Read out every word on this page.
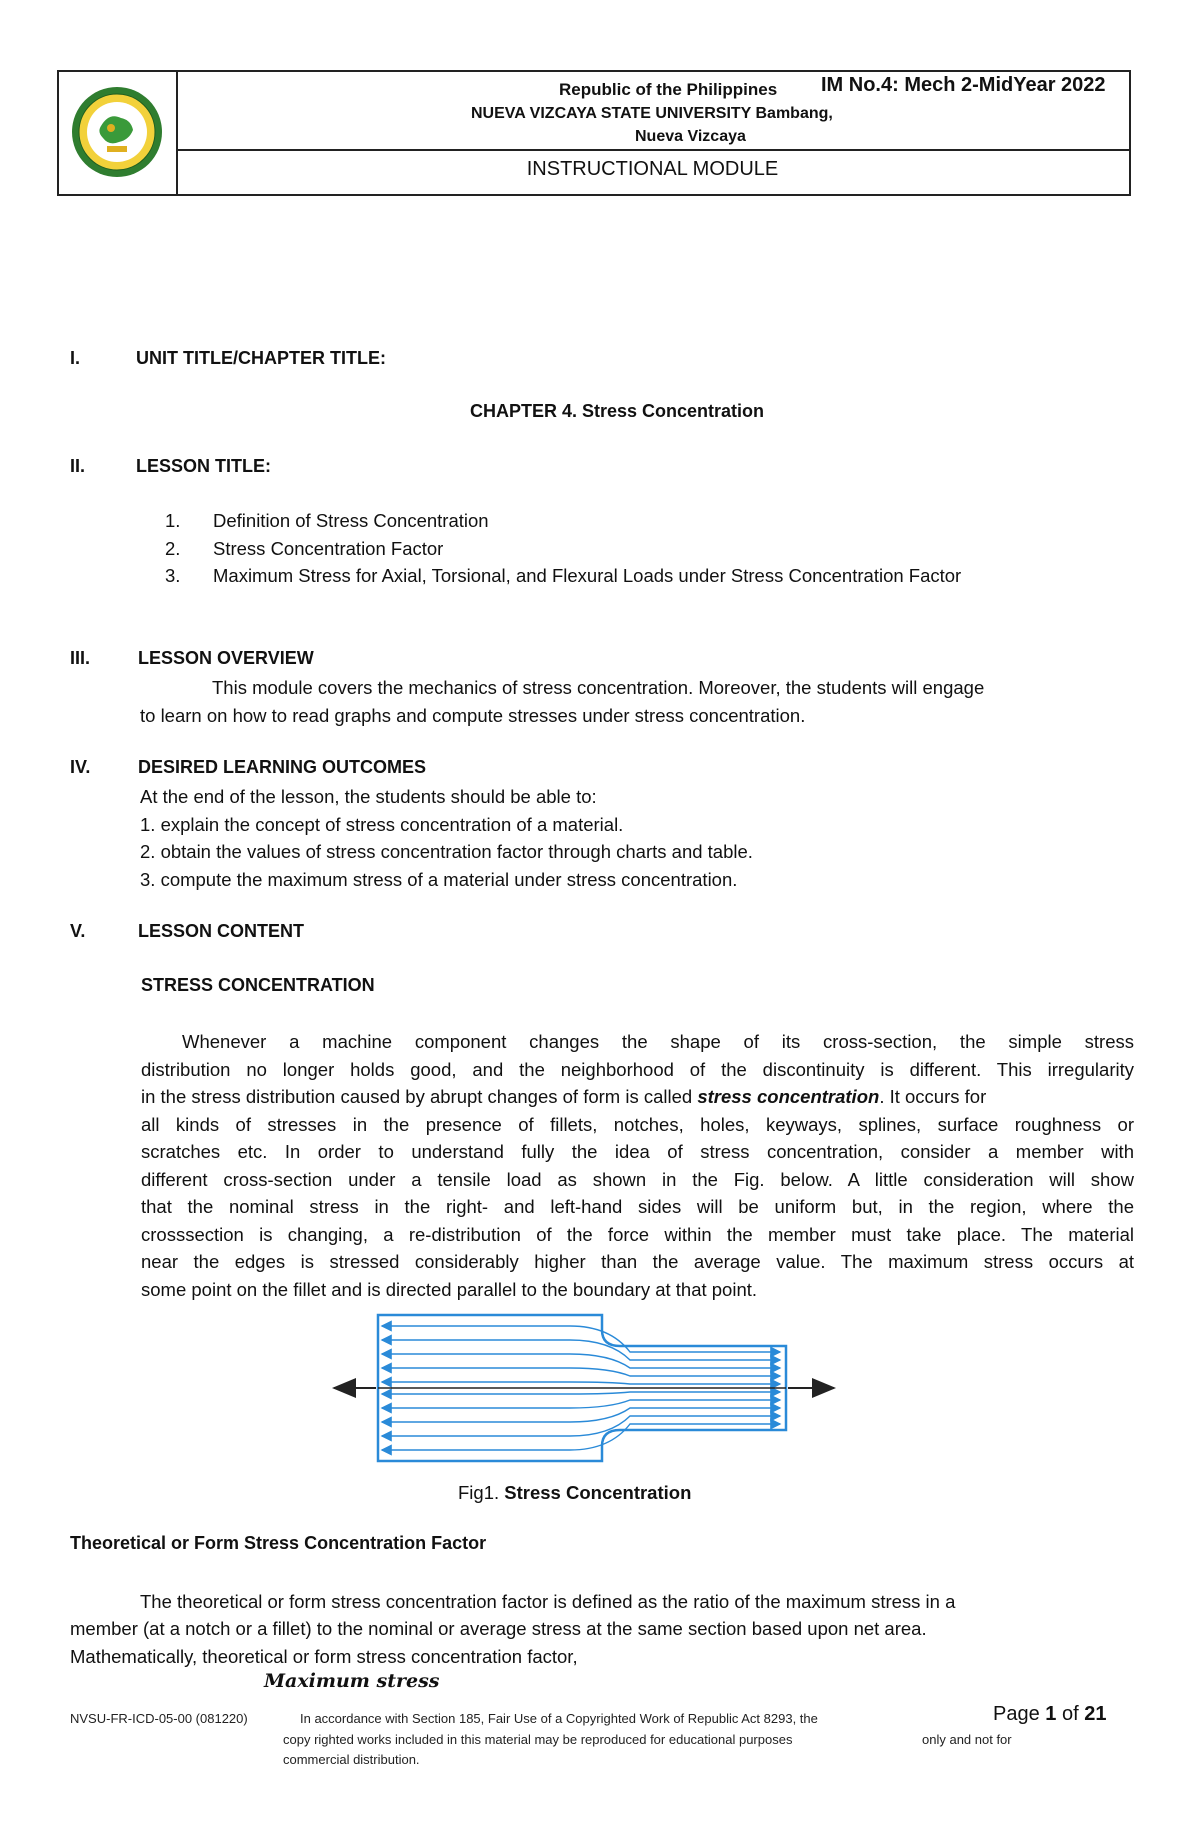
Republic of the Philippines IM No.4: Mech 2-MidYear 2022
NUEVA VIZCAYA STATE UNIVERSITY Bambang,
Nueva Vizcaya
INSTRUCTIONAL MODULE
I.	UNIT TITLE/CHAPTER TITLE:
CHAPTER 4. Stress Concentration
II.	LESSON TITLE:
1. Definition of Stress Concentration
2. Stress Concentration Factor
3. Maximum Stress for Axial, Torsional, and Flexural Loads under Stress Concentration Factor
III.	LESSON OVERVIEW
This module covers the mechanics of stress concentration. Moreover, the students will engage
to learn on how to read graphs and compute stresses under stress concentration.
IV.	DESIRED LEARNING OUTCOMES
At the end of the lesson, the students should be able to:
1. explain the concept of stress concentration of a material.
2. obtain the values of stress concentration factor through charts and table.
3. compute the maximum stress of a material under stress concentration.
V.	LESSON CONTENT
STRESS CONCENTRATION
Whenever a machine component changes the shape of its cross-section, the simple stress
distribution no longer holds good, and the neighborhood of the discontinuity is different. This irregularity
in the stress distribution caused by abrupt changes of form is called stress concentration. It occurs for
all kinds of stresses in the presence of fillets, notches, holes, keyways, splines, surface roughness or
scratches etc. In order to understand fully the idea of stress concentration, consider a member with
different cross-section under a tensile load as shown in the Fig. below. A little consideration will show
that the nominal stress in the right- and left-hand sides will be uniform but, in the region, where the
crosssection is changing, a re-distribution of the force within the member must take place. The material
near the edges is stressed considerably higher than the average value. The maximum stress occurs at
some point on the fillet and is directed parallel to the boundary at that point.
Fig1. Stress Concentration
Theoretical or Form Stress Concentration Factor
The theoretical or form stress concentration factor is defined as the ratio of the maximum stress in a
member (at a notch or a fillet) to the nominal or average stress at the same section based upon net area.
Mathematically, theoretical or form stress concentration factor,
Maximum stress
NVSU-FR-ICD-05-00 (081220)	In accordance with Section 185, Fair Use of a Copyrighted Work of Republic Act 8293, the
copy righted works included in this material may be reproduced for educational purposes	only and not for
commercial distribution.
Page 1 of 21
